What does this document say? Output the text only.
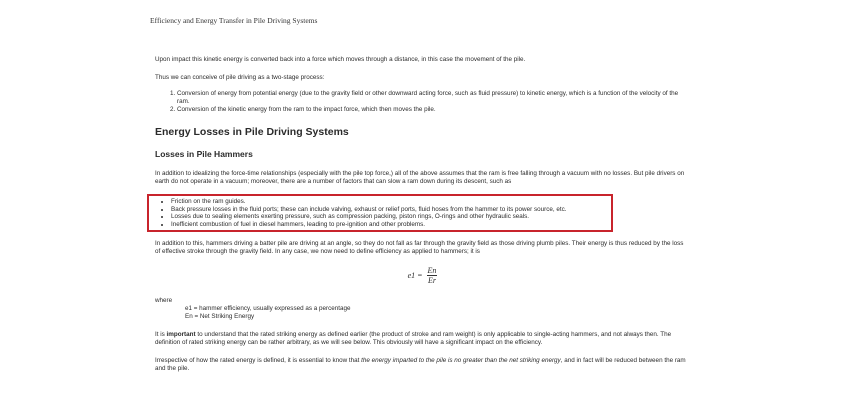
Efficiency and Energy Transfer in Pile Driving Systems

Upon impact this kinetic energy is converted back into a force which moves through a distance, in this case the movement of the pile.

Thus we can conceive of pile driving as a two-stage process:

1. Conversion of energy from potential energy (due to the gravity field or other downward acting force, such as fluid pressure) to kinetic energy, which is a function of the velocity of the ram.
2. Conversion of the kinetic energy from the ram to the impact force, which then moves the pile.
Energy Losses in Pile Driving Systems
Losses in Pile Hammers

In addition to idealizing the force-time relationships (especially with the pile top force,) all of the above assumes that the ram is free falling through a vacuum with no losses. But pile drivers on earth do not operate in a vacuum; moreover, there are a number of factors that can slow a ram down during its descent, such as

• Friction on the ram guides.
• Back pressure losses in the fluid ports; these can include valving, exhaust or relief ports, fluid hoses from the hammer to its power source, etc.
• Losses due to sealing elements exerting pressure, such as compression packing, piston rings, O-rings and other hydraulic seals.
• Inefficient combustion of fuel in diesel hammers, leading to pre-ignition and other problems.

In addition to this, hammers driving a batter pile are driving at an angle, so they do not fall as far through the gravity field as those driving plumb piles. Their energy is thus reduced by the loss of effective stroke through the gravity field. In any case, we now need to define efficiency as applied to hammers; it is

$e1 = \frac{En}{Er}$
where
e1 = hammer efficiency, usually expressed as a percentage
En = Net Striking Energy

It is important to understand that the rated striking energy as defined earlier (the product of stroke and ram weight) is only applicable to single-acting hammers, and not always then. The definition of rated striking energy can be rather arbitrary, as we will see below. This obviously will have a significant impact on the efficiency.

Irrespective of how the rated energy is defined, it is essential to know that the energy imparted to the pile is no greater than the net striking energy, and in fact will be reduced between the ram and the pile.
